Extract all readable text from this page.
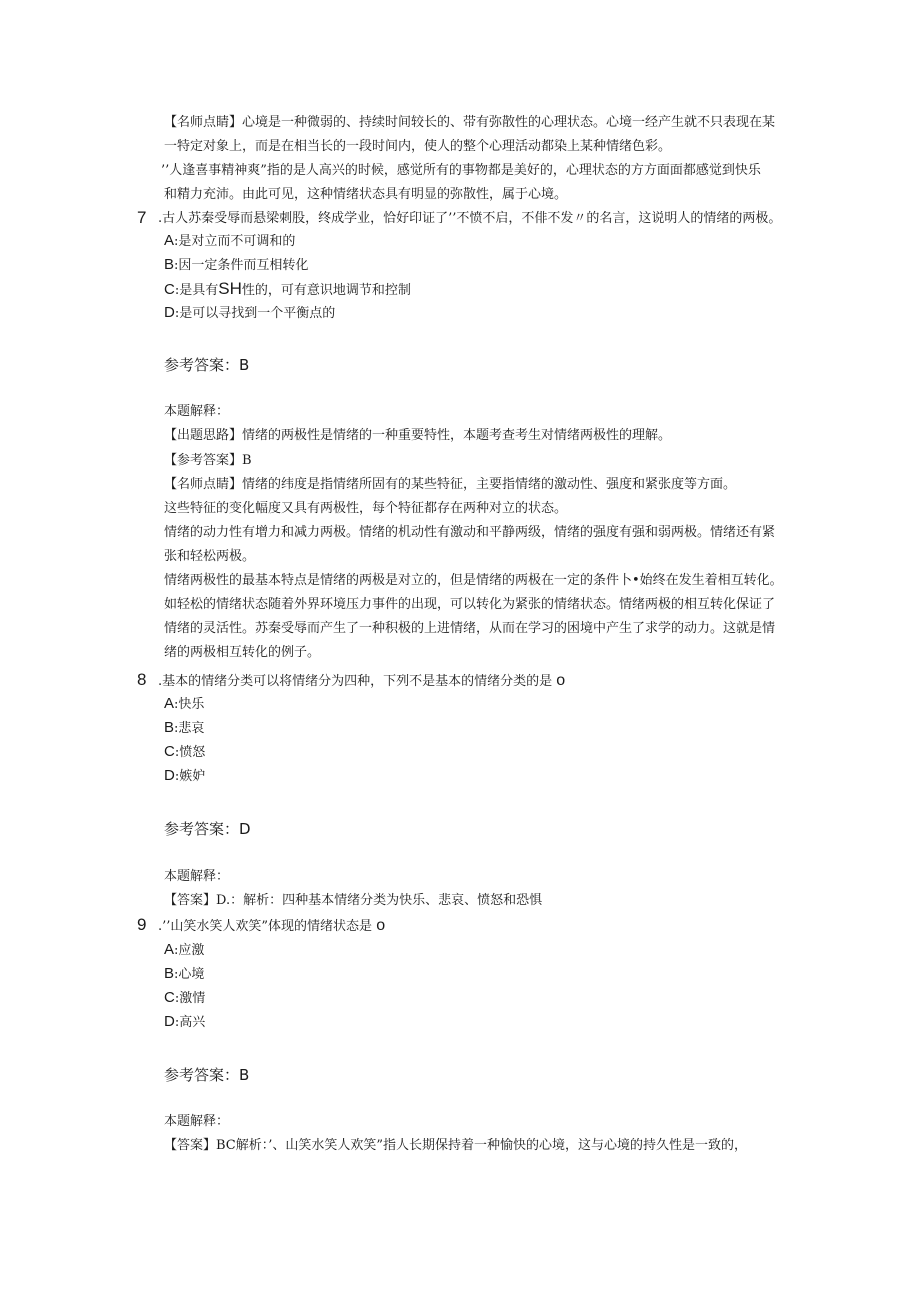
【名师点睛】心境是一种微弱的、持续时间较长的、带有弥散性的心理状态。心境一经产生就不只表现在某
一特定对象上，而是在相当长的一段时间内，使人的整个心理活动都染上某种情绪色彩。
’’人逢喜事精神爽”指的是人高兴的时候，感觉所有的事物都是美好的，心理状态的方方面面都感觉到快乐
和精力充沛。由此可见，这种情绪状态具有明显的弥散性，属于心境。
7 .古人苏秦受辱而悬梁刺股，终成学业，恰好印证了’’不愤不启，不俳不发〃的名言，这说明人的情绪的两极。
A:是对立而不可调和的
B:因一定条件而互相转化
C:是具有SH性的，可有意识地调节和控制
D:是可以寻找到一个平衡点的
参考答案：B
本题解释：
【出题思路】情绪的两极性是情绪的一种重要特性，本题考查考生对情绪两极性的理解。
【参考答案】B
【名师点睛】情绪的纬度是指情绪所固有的某些特征，主要指情绪的激动性、强度和紧张度等方面。
这些特征的变化幅度又具有两极性，每个特征都存在两种对立的状态。
情绪的动力性有增力和减力两极。情绪的机动性有激动和平静两级，情绪的强度有强和弱两极。情绪还有紧
张和轻松两极。
情绪两极性的最基本特点是情绪的两极是对立的，但是情绪的两极在一定的条件卜•始终在发生着相互转化。
如轻松的情绪状态随着外界环境压力事件的出现，可以转化为紧张的情绪状态。情绪两极的相互转化保证了
情绪的灵活性。苏秦受辱而产生了一种积极的上进情绪，从而在学习的困境中产生了求学的动力。这就是情
绪的两极相互转化的例子。
8 .基本的情绪分类可以将情绪分为四种，下列不是基本的情绪分类的是 o
A:快乐
B:悲哀
C:愤怒
D:嫉妒
参考答案：D
本题解释：
【答案】D.：解析：四种基本情绪分类为快乐、悲哀、愤怒和恐惧
9 .’’山笑水笑人欢笑”体现的情绪状态是 o
A:应激
B:心境
C:激情
D:高兴
参考答案：B
本题解释：
【答案】BC解析：’、山笑水笑人欢笑”指人长期保持着一种愉快的心境，这与心境的持久性是一致的，
